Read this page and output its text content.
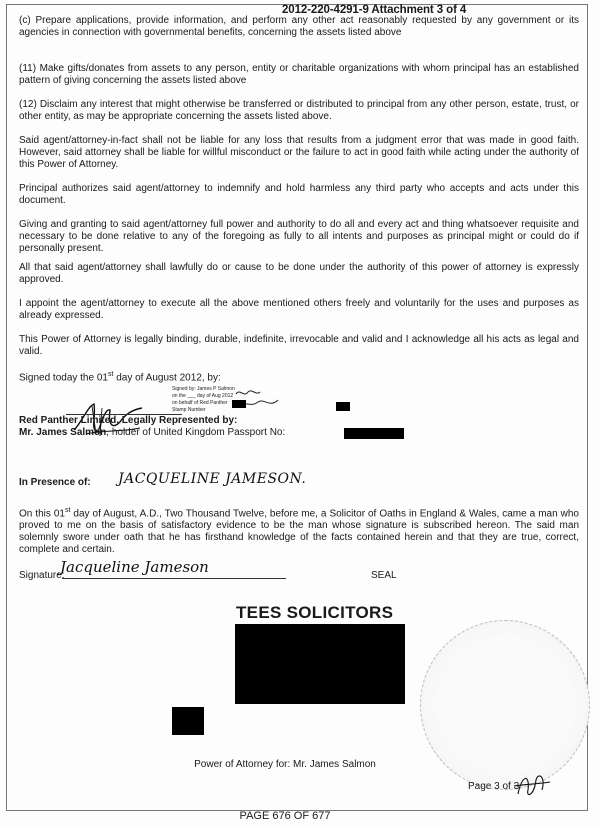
2012-220-4291-9 Attachment 3 of 4
(c) Prepare applications, provide information, and perform any other act reasonably requested by any government or its agencies in connection with governmental benefits, concerning the assets listed above
(11) Make gifts/donates from assets to any person, entity or charitable organizations with whom principal has an established pattern of giving concerning the assets listed above
(12) Disclaim any interest that might otherwise be transferred or distributed to principal from any other person, estate, trust, or other entity, as may be appropriate concerning the assets listed above.
Said agent/attorney-in-fact shall not be liable for any loss that results from a judgment error that was made in good faith. However, said attorney shall be liable for willful misconduct or the failure to act in good faith while acting under the authority of this Power of Attorney.
Principal authorizes said agent/attorney to indemnify and hold harmless any third party who accepts and acts under this document.
Giving and granting to said agent/attorney full power and authority to do all and every act and thing whatsoever requisite and necessary to be done relative to any of the foregoing as fully to all intents and purposes as principal might or could do if personally present.
All that said agent/attorney shall lawfully do or cause to be done under the authority of this power of attorney is expressly approved.
I appoint the agent/attorney to execute all the above mentioned others freely and voluntarily for the uses and purposes as already expressed.
This Power of Attorney is legally binding, durable, indefinite, irrevocable and valid and I acknowledge all his acts as legal and valid.
Signed today the 01st day of August 2012, by:
Signed by: James P Salmon
on the ___ day of Aug 2012
on behalf of Red Panther
Stamp Number
Red Panther Limited, Legally Represented by:
Mr. James Salmon, holder of United Kingdom Passport No:
In Presence of:	JACQUELINE JAMESON.
On this 01st day of August, A.D., Two Thousand Twelve, before me, a Solicitor of Oaths in England & Wales, came a man who proved to me on the basis of satisfactory evidence to be the man whose signature is subscribed hereon. The said man solemnly swore under oath that he has firsthand knowledge of the facts contained herein and that they are true, correct, complete and certain.
Signature:
Jacqueline Jameson	SEAL
TEES SOLICITORS
Power of Attorney for: Mr. James Salmon
Page 3 of 3
PAGE 676 OF 677
